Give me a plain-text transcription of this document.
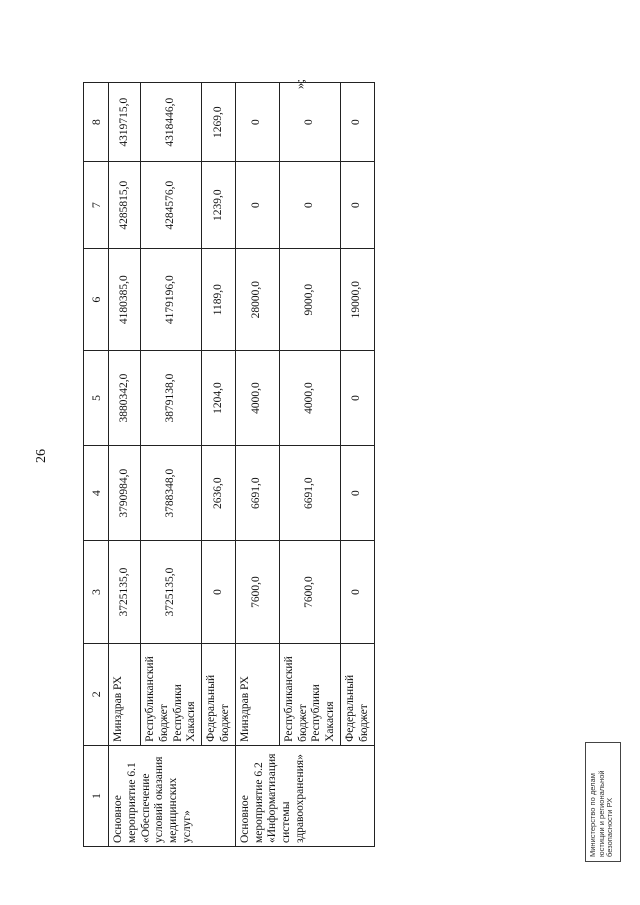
26
»;
1	2	3	4	5	6	7	8
Основное мероприятие 6.1 «Обеспечение условий оказания медицинских услуг»	Минздрав РХ	3725135,0	3790984,0	3880342,0	4180385,0	4285815,0	4319715,0
	Республиканский бюджет Республики Хакасия	3725135,0	3788348,0	3879138,0	4179196,0	4284576,0	4318446,0
	Федеральный бюджет	0	2636,0	1204,0	1189,0	1239,0	1269,0
Основное мероприятие 6.2 «Информатизация системы здравоохранения»	Минздрав РХ	7600,0	6691,0	4000,0	28000,0	0	0
	Республиканский бюджет Республики Хакасия	7600,0	6691,0	4000,0	9000,0	0	0
	Федеральный бюджет	0	0	0	19000,0	0	0
Министерство по делам юстиции и региональной безопасности РХ
